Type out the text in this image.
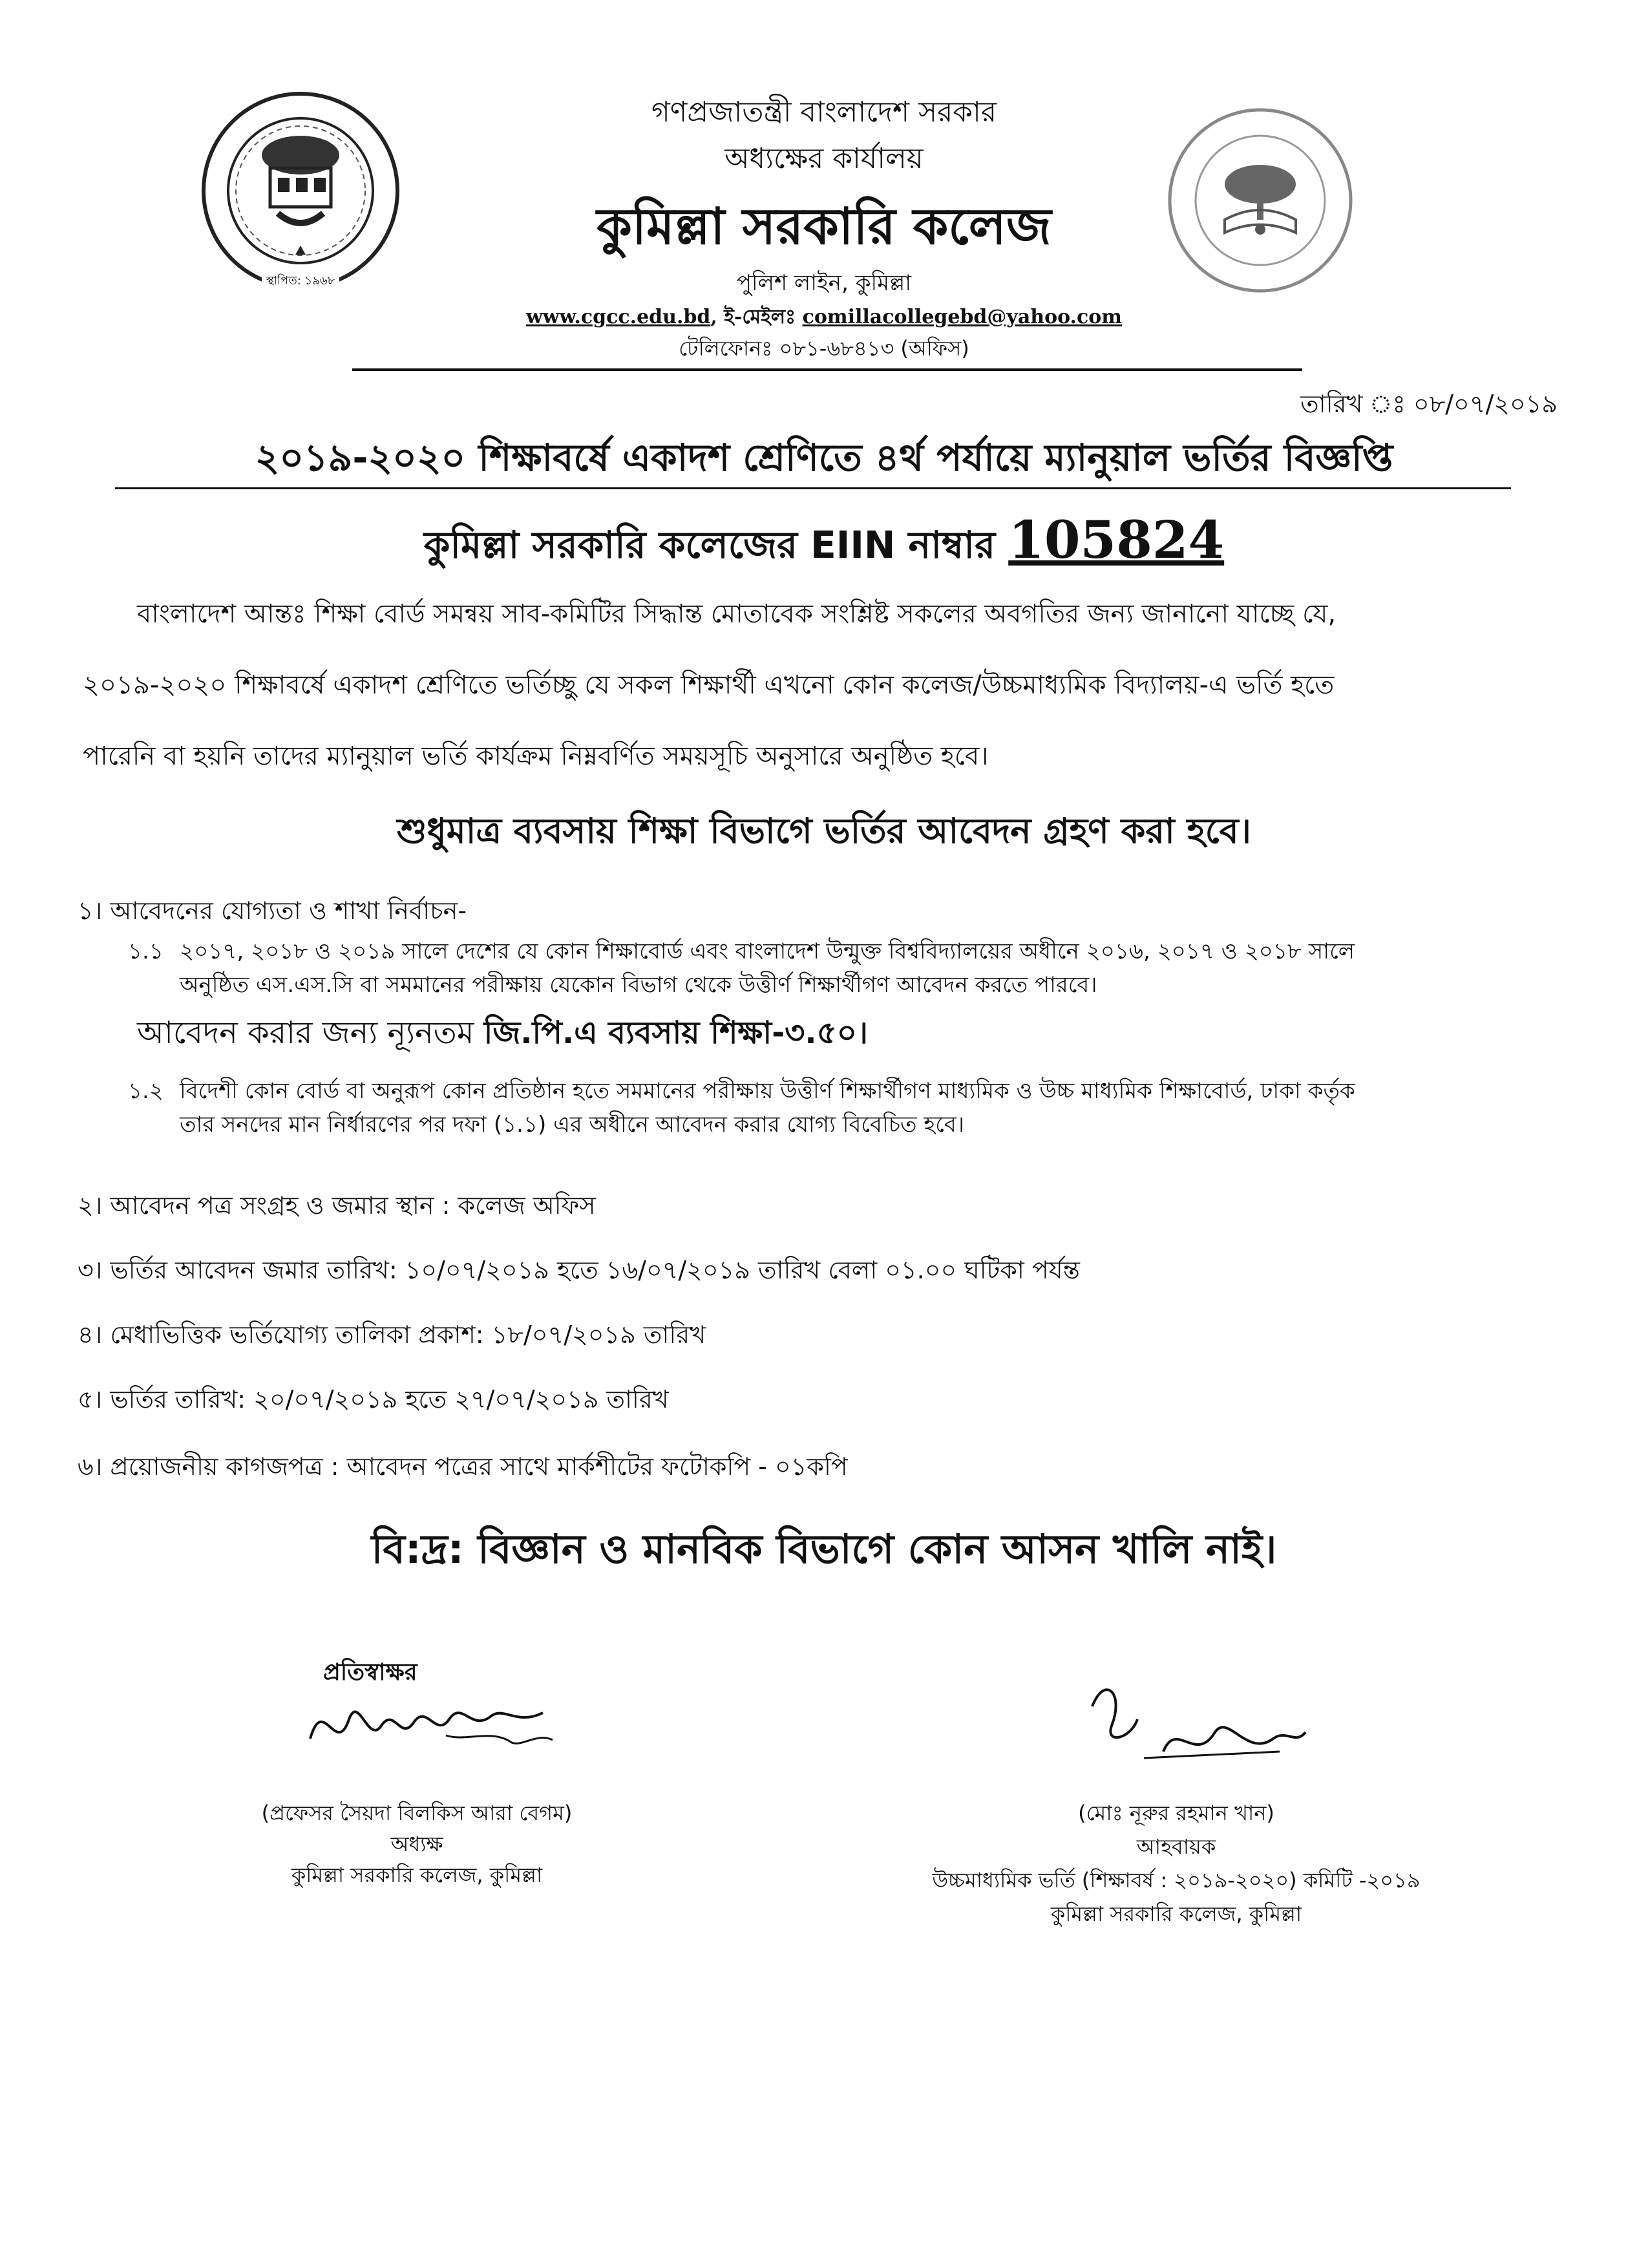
স্থাপিত: ১৯৬৮
গণপ্রজাতন্ত্রী বাংলাদেশ সরকার
অধ্যক্ষের কার্যালয়
কুমিল্লা সরকারি কলেজ
পুলিশ লাইন, কুমিল্লা
www.cgcc.edu.bd, ই-মেইলঃ comillacollegebd@yahoo.com
টেলিফোনঃ ০৮১-৬৮৪১৩ (অফিস)
তারিখ ঃ ০৮/০৭/২০১৯
২০১৯-২০২০ শিক্ষাবর্ষে একাদশ শ্রেণিতে ৪র্থ পর্যায়ে ম্যানুয়াল ভর্তির বিজ্ঞপ্তি
কুমিল্লা সরকারি কলেজের EIIN নাম্বার 105824
বাংলাদেশ আন্তঃ শিক্ষা বোর্ড সমন্বয় সাব-কমিটির সিদ্ধান্ত মোতাবেক সংশ্লিষ্ট সকলের অবগতির জন্য জানানো যাচ্ছে যে,
২০১৯-২০২০ শিক্ষাবর্ষে একাদশ শ্রেণিতে ভর্তিচ্ছু যে সকল শিক্ষার্থী এখনো কোন কলেজ/উচ্চমাধ্যমিক বিদ্যালয়-এ ভর্তি হতে
পারেনি বা হয়নি তাদের ম্যানুয়াল ভর্তি কার্যক্রম নিম্নবর্ণিত সময়সূচি অনুসারে অনুষ্ঠিত হবে।
শুধুমাত্র ব্যবসায় শিক্ষা বিভাগে ভর্তির আবেদন গ্রহণ করা হবে।
১। আবেদনের যোগ্যতা ও শাখা নির্বাচন-
১.১ ২০১৭, ২০১৮ ও ২০১৯ সালে দেশের যে কোন শিক্ষাবোর্ড এবং বাংলাদেশ উন্মুক্ত বিশ্ববিদ্যালয়ের অধীনে ২০১৬, ২০১৭ ও ২০১৮ সালে
অনুষ্ঠিত এস.এস.সি বা সমমানের পরীক্ষায় যেকোন বিভাগ থেকে উত্তীর্ণ শিক্ষার্থীগণ আবেদন করতে পারবে।
আবেদন করার জন্য ন্যূনতম জি.পি.এ ব্যবসায় শিক্ষা-৩.৫০।
১.২ বিদেশী কোন বোর্ড বা অনুরূপ কোন প্রতিষ্ঠান হতে সমমানের পরীক্ষায় উত্তীর্ণ শিক্ষার্থীগণ মাধ্যমিক ও উচ্চ মাধ্যমিক শিক্ষাবোর্ড, ঢাকা কর্তৃক
তার সনদের মান নির্ধারণের পর দফা (১.১) এর অধীনে আবেদন করার যোগ্য বিবেচিত হবে।
২। আবেদন পত্র সংগ্রহ ও জমার স্থান : কলেজ অফিস
৩। ভর্তির আবেদন জমার তারিখ: ১০/০৭/২০১৯ হতে ১৬/০৭/২০১৯ তারিখ বেলা ০১.০০ ঘটিকা পর্যন্ত
৪। মেধাভিত্তিক ভর্তিযোগ্য তালিকা প্রকাশ: ১৮/০৭/২০১৯ তারিখ
৫। ভর্তির তারিখ: ২০/০৭/২০১৯ হতে ২৭/০৭/২০১৯ তারিখ
৬। প্রয়োজনীয় কাগজপত্র : আবেদন পত্রের সাথে মার্কশীটের ফটোকপি - ০১কপি
বি:দ্র: বিজ্ঞান ও মানবিক বিভাগে কোন আসন খালি নাই।
প্রতিস্বাক্ষর
(প্রফেসর সৈয়দা বিলকিস আরা বেগম)
অধ্যক্ষ
কুমিল্লা সরকারি কলেজ, কুমিল্লা
(মোঃ নূরুর রহমান খান)
আহবায়ক
উচ্চমাধ্যমিক ভর্তি (শিক্ষাবর্ষ : ২০১৯-২০২০) কমিটি -২০১৯
কুমিল্লা সরকারি কলেজ, কুমিল্লা
